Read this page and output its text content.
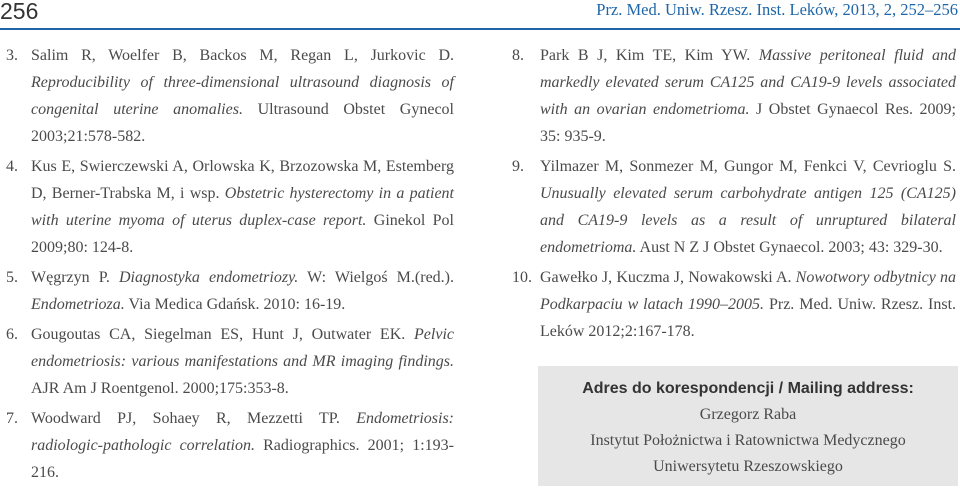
256	Prz. Med. Uniw. Rzesz. Inst. Leków, 2013, 2, 252–256
3. Salim R, Woelfer B, Backos M, Regan L, Jurkovic D. Reproducibility of three-dimensional ultrasound diagnosis of congenital uterine anomalies. Ultrasound Obstet Gynecol 2003;21:578-582.
4. Kus E, Swierczewski A, Orlowska K, Brzozowska M, Estemberg D, Berner-Trabska M, i wsp. Obstetric hysterectomy in a patient with uterine myoma of uterus duplex-case report. Ginekol Pol 2009;80: 124-8.
5. Węgrzyn P. Diagnostyka endometriozy. W: Wielgoś M.(red.). Endometrioza. Via Medica Gdańsk. 2010: 16-19.
6. Gougoutas CA, Siegelman ES, Hunt J, Outwater EK. Pelvic endometriosis: various manifestations and MR imaging findings. AJR Am J Roentgenol. 2000;175:353-8.
7. Woodward PJ, Sohaey R, Mezzetti TP. Endometriosis: radiologic-pathologic correlation. Radiographics. 2001; 1:193-216.
8.	Park B J, Kim TE, Kim YW. Massive peritoneal fluid and markedly elevated serum CA125 and CA19-9 levels associated with an ovarian endometrioma. J Obstet Gynaecol Res. 2009; 35: 935-9.
9.	Yilmazer M, Sonmezer M, Gungor M, Fenkci V, Cevrioglu S. Unusually elevated serum carbohydrate antigen 125 (CA125) and CA19-9 levels as a result of unruptured bilateral endometrioma. Aust N Z J Obstet Gynaecol. 2003; 43: 329-30.
10. Gawełko J, Kuczma J, Nowakowski A. Nowotwory odbytnicy na Podkarpaciu w latach 1990–2005. Prz. Med. Uniw. Rzesz. Inst. Leków 2012;2:167-178.
Adres do korespondencji / Mailing address:
Grzegorz Raba
Instytut Położnictwa i Ratownictwa Medycznego
Uniwersytetu Rzeszowskiego
